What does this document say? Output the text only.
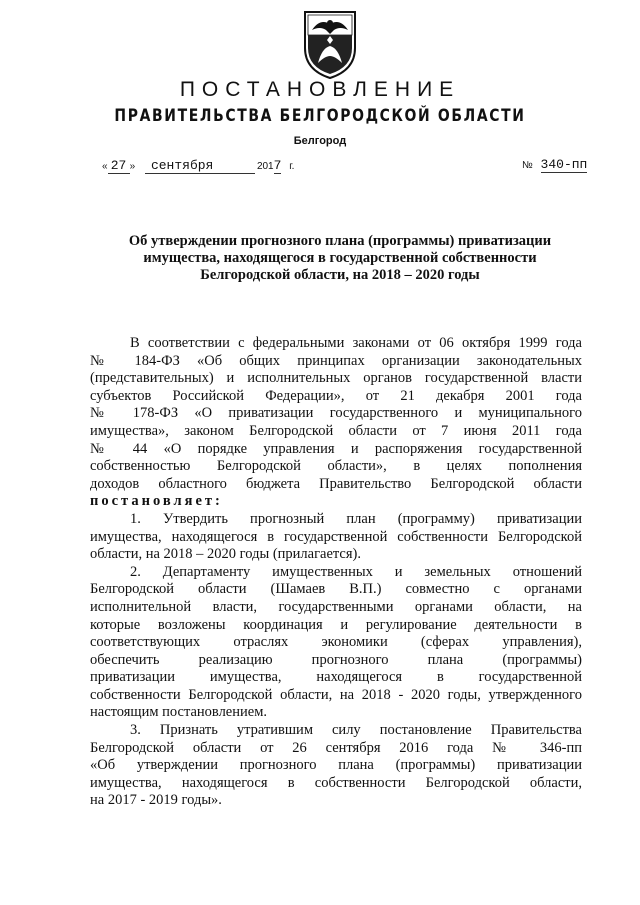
ПОСТАНОВЛЕНИЕ
ПРАВИТЕЛЬСТВА БЕЛГОРОДСКОЙ ОБЛАСТИ
Белгород
« 27 » сентября	2017 г.	№ 340-пп
Об утверждении прогнозного плана (программы) приватизации
имущества, находящегося в государственной собственности
Белгородской области, на 2018 – 2020 годы

В соответствии с федеральными законами от 06 октября 1999 года

№ 184-ФЗ «Об общих принципах организации законодательных

(представительных) и исполнительных органов государственной власти

субъектов Российской Федерации», от 21 декабря 2001 года

№ 178-ФЗ «О приватизации государственного и муниципального

имущества», законом Белгородской области от 7 июня 2011 года

№ 44 «О порядке управления и распоряжения государственной

собственностью Белгородской области», в целях пополнения

доходов областного бюджета Правительство Белгородской области

постановляет:

1. Утвердить прогнозный план (программу) приватизации

имущества, находящегося в государственной собственности Белгородской

области, на 2018 – 2020 годы (прилагается).

2. Департаменту имущественных и земельных отношений

Белгородской области (Шамаев В.П.) совместно с органами

исполнительной власти, государственными органами области, на

которые возложены координация и регулирование деятельности в

соответствующих отраслях экономики (сферах управления),

обеспечить реализацию прогнозного плана (программы)

приватизации имущества, находящегося в государственной

собственности Белгородской области, на 2018 - 2020 годы, утвержденного

настоящим постановлением.

3. Признать утратившим силу постановление Правительства

Белгородской области от 26 сентября 2016 года № 346-пп

«Об утверждении прогнозного плана (программы) приватизации

имущества, находящегося в собственности Белгородской области,

на 2017 - 2019 годы».
